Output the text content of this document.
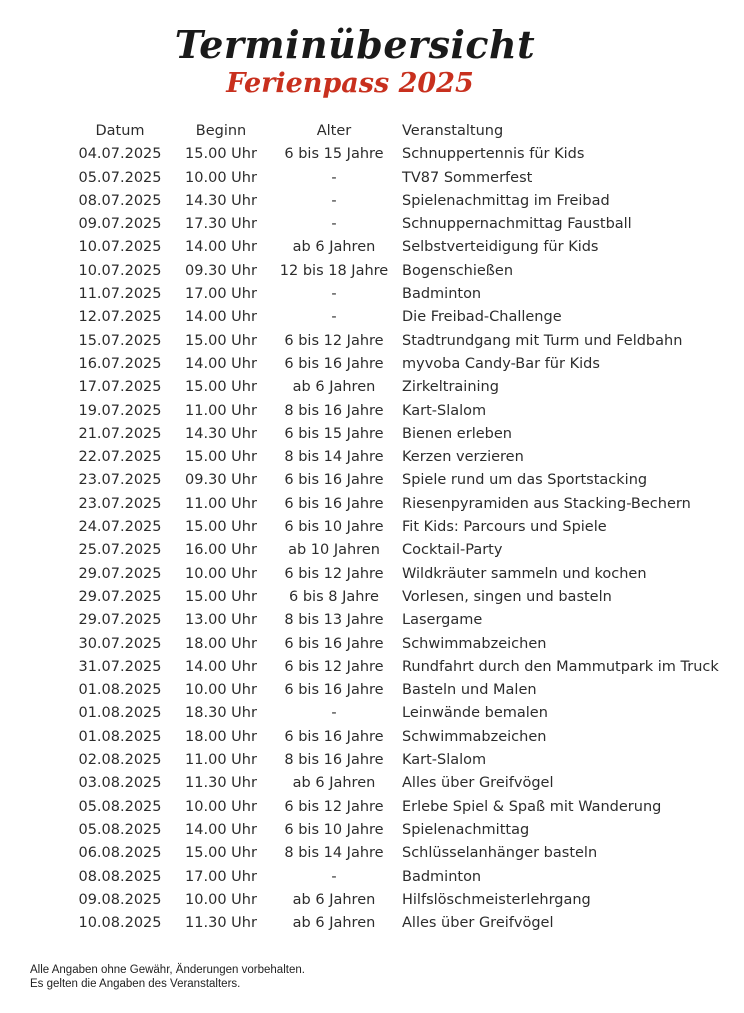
Terminübersicht
Ferienpass 2025
Datum	Beginn	Alter	Veranstaltung
04.07.2025	15.00 Uhr	6 bis 15 Jahre	Schnuppertennis für Kids
05.07.2025	10.00 Uhr	-	TV87 Sommerfest
08.07.2025	14.30 Uhr	-	Spielenachmittag im Freibad
09.07.2025	17.30 Uhr	-	Schnuppernachmittag Faustball
10.07.2025	14.00 Uhr	ab 6 Jahren	Selbstverteidigung für Kids
10.07.2025	09.30 Uhr	12 bis 18 Jahre	Bogenschießen
11.07.2025	17.00 Uhr	-	Badminton
12.07.2025	14.00 Uhr	-	Die Freibad-Challenge
15.07.2025	15.00 Uhr	6 bis 12 Jahre	Stadtrundgang mit Turm und Feldbahn
16.07.2025	14.00 Uhr	6 bis 16 Jahre	myvoba Candy-Bar für Kids
17.07.2025	15.00 Uhr	ab 6 Jahren	Zirkeltraining
19.07.2025	11.00 Uhr	8 bis 16 Jahre	Kart-Slalom
21.07.2025	14.30 Uhr	6 bis 15 Jahre	Bienen erleben
22.07.2025	15.00 Uhr	8 bis 14 Jahre	Kerzen verzieren
23.07.2025	09.30 Uhr	6 bis 16 Jahre	Spiele rund um das Sportstacking
23.07.2025	11.00 Uhr	6 bis 16 Jahre	Riesenpyramiden aus Stacking-Bechern
24.07.2025	15.00 Uhr	6 bis 10 Jahre	Fit Kids: Parcours und Spiele
25.07.2025	16.00 Uhr	ab 10 Jahren	Cocktail-Party
29.07.2025	10.00 Uhr	6 bis 12 Jahre	Wildkräuter sammeln und kochen
29.07.2025	15.00 Uhr	6 bis 8 Jahre	Vorlesen, singen und basteln
29.07.2025	13.00 Uhr	8 bis 13 Jahre	Lasergame
30.07.2025	18.00 Uhr	6 bis 16 Jahre	Schwimmabzeichen
31.07.2025	14.00 Uhr	6 bis 12 Jahre	Rundfahrt durch den Mammutpark im Truck
01.08.2025	10.00 Uhr	6 bis 16 Jahre	Basteln und Malen
01.08.2025	18.30 Uhr	-	Leinwände bemalen
01.08.2025	18.00 Uhr	6 bis 16 Jahre	Schwimmabzeichen
02.08.2025	11.00 Uhr	8 bis 16 Jahre	Kart-Slalom
03.08.2025	11.30 Uhr	ab 6 Jahren	Alles über Greifvögel
05.08.2025	10.00 Uhr	6 bis 12 Jahre	Erlebe Spiel & Spaß mit Wanderung
05.08.2025	14.00 Uhr	6 bis 10 Jahre	Spielenachmittag
06.08.2025	15.00 Uhr	8 bis 14 Jahre	Schlüsselanhänger basteln
08.08.2025	17.00 Uhr	-	Badminton
09.08.2025	10.00 Uhr	ab 6 Jahren	Hilfslöschmeisterlehrgang
10.08.2025	11.30 Uhr	ab 6 Jahren	Alles über Greifvögel
Alle Angaben ohne Gewähr, Änderungen vorbehalten.
Es gelten die Angaben des Veranstalters.
